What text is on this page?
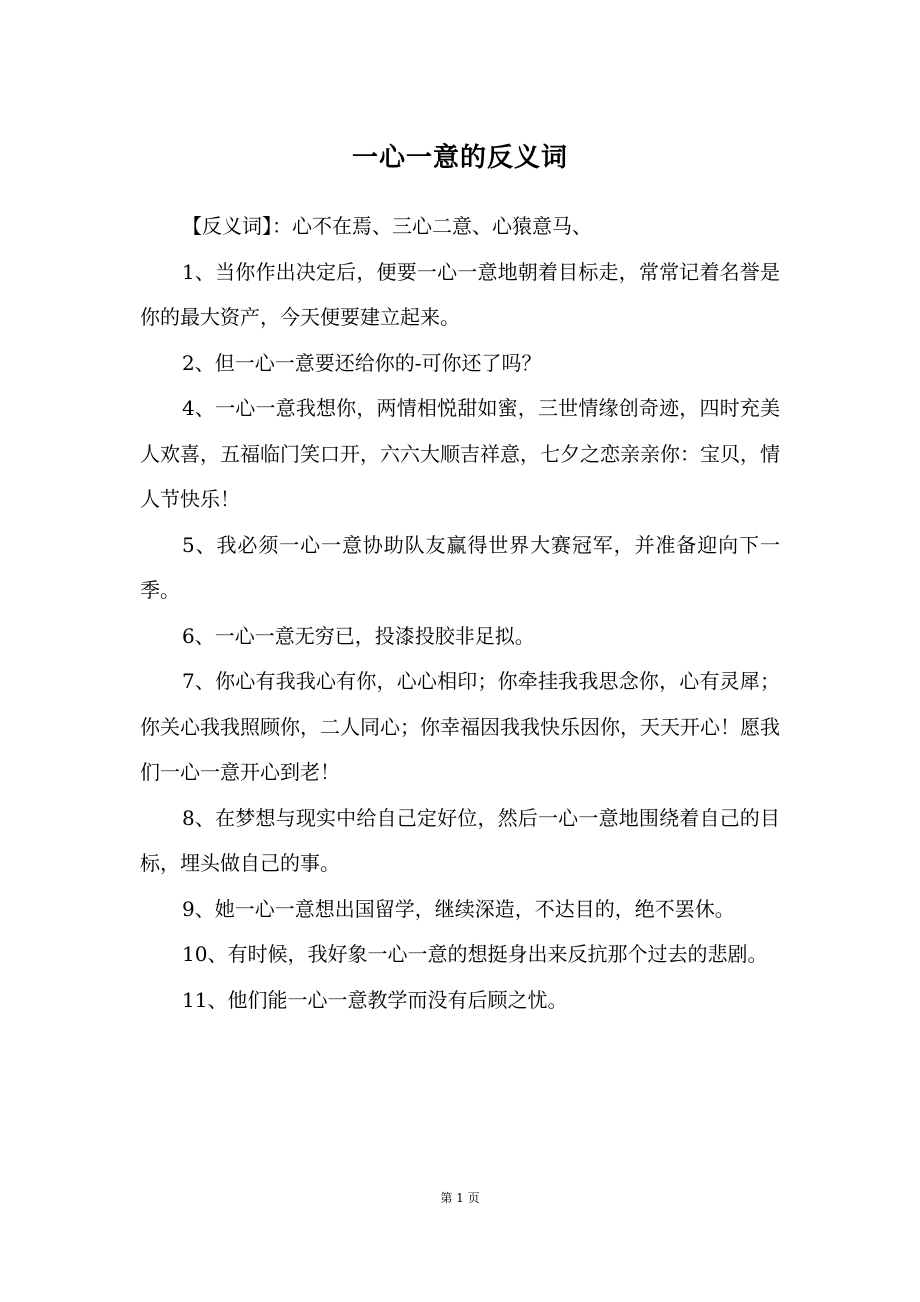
一心一意的反义词

【反义词】：心不在焉、三心二意、心猿意马、

1、当你作出决定后，便要一心一意地朝着目标走，常常记着名誉是你的最大资产，今天便要建立起来。

2、但一心一意要还给你的-可你还了吗？

4、一心一意我想你，两情相悦甜如蜜，三世情缘创奇迹，四时充美人欢喜，五福临门笑口开，六六大顺吉祥意，七夕之恋亲亲你：宝贝，情人节快乐！

5、我必须一心一意协助队友赢得世界大赛冠军，并准备迎向下一季。

6、一心一意无穷已，投漆投胶非足拟。

7、你心有我我心有你，心心相印；你牵挂我我思念你，心有灵犀；你关心我我照顾你，二人同心；你幸福因我我快乐因你，天天开心！愿我们一心一意开心到老！

8、在梦想与现实中给自己定好位，然后一心一意地围绕着自己的目标，埋头做自己的事。

9、她一心一意想出国留学，继续深造，不达目的，绝不罢休。

10、有时候，我好象一心一意的想挺身出来反抗那个过去的悲剧。

11、他们能一心一意教学而没有后顾之忧。

第 1 页
